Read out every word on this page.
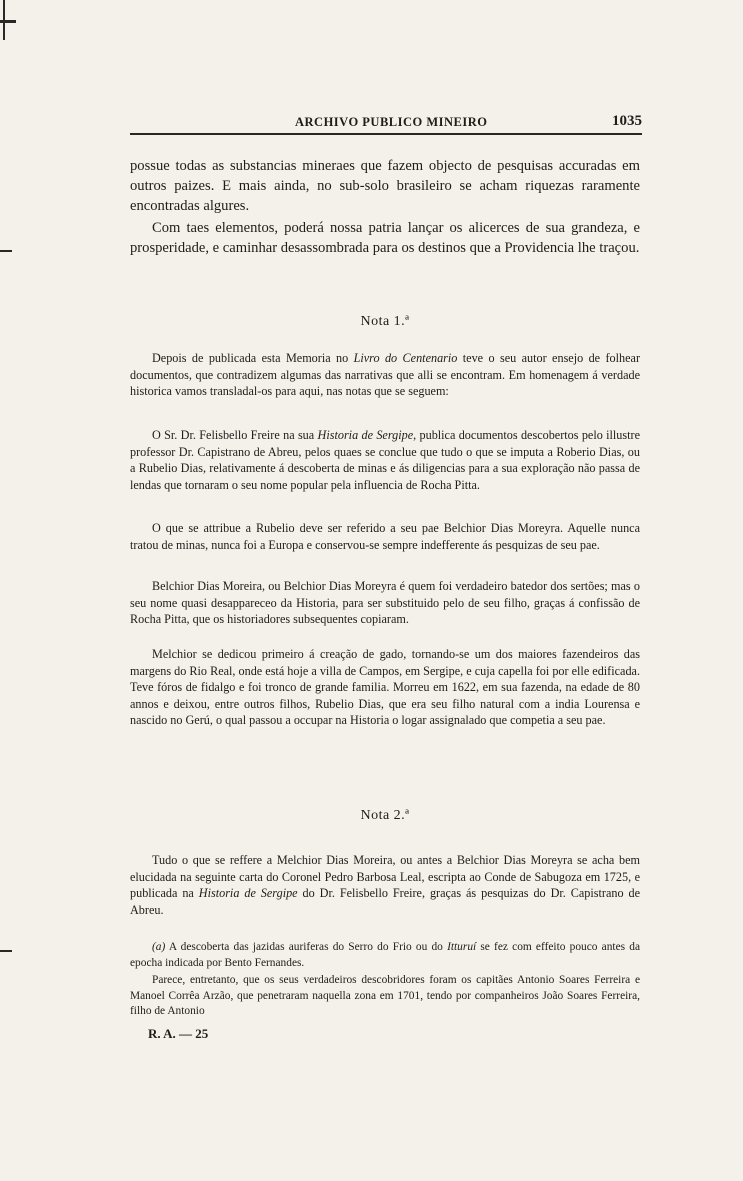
ARCHIVO PUBLICO MINEIRO	1035

possue todas as substancias mineraes que fazem objecto de pesquisas accuradas em outros paizes. E mais ainda, no sub-solo brasileiro se acham riquezas raramente encontradas algures.

Com taes elementos, poderá nossa patria lançar os alicerces de sua grandeza, e prosperidade, e caminhar desassombrada para os destinos que a Providencia lhe traçou.

Nota 1.ª

Depois de publicada esta Memoria no Livro do Centenario teve o seu autor ensejo de folhear documentos, que contradizem algumas das narrativas que alli se encontram. Em homenagem á verdade historica vamos transladal-os para aqui, nas notas que se seguem:

O Sr. Dr. Felisbello Freire na sua Historia de Sergipe, publica documentos descobertos pelo illustre professor Dr. Capistrano de Abreu, pelos quaes se conclue que tudo o que se imputa a Roberio Dias, ou a Rubelio Dias, relativamente á descoberta de minas e ás diligencias para a sua exploração não passa de lendas que tornaram o seu nome popular pela influencia de Rocha Pitta.

O que se attribue a Rubelio deve ser referido a seu pae Belchior Dias Moreyra. Aquelle nunca tratou de minas, nunca foi a Europa e conservou-se sempre indefferente ás pesquizas de seu pae.

Belchior Dias Moreira, ou Belchior Dias Moreyra é quem foi verdadeiro batedor dos sertões; mas o seu nome quasi desappareceo da Historia, para ser substituido pelo de seu filho, graças á confissão de Rocha Pitta, que os historiadores subsequentes copiaram.

Melchior se dedicou primeiro á creação de gado, tornando-se um dos maiores fazendeiros das margens do Rio Real, onde está hoje a villa de Campos, em Sergipe, e cuja capella foi por elle edificada. Teve fóros de fidalgo e foi tronco de grande familia. Morreu em 1622, em sua fazenda, na edade de 80 annos e deixou, entre outros filhos, Rubelio Dias, que era seu filho natural com a india Lourensa e nascido no Gerú, o qual passou a occupar na Historia o logar assignalado que competia a seu pae.

Nota 2.ª

Tudo o que se reffere a Melchior Dias Moreira, ou antes a Belchior Dias Moreyra se acha bem elucidada na seguinte carta do Coronel Pedro Barbosa Leal, escripta ao Conde de Sabugoza em 1725, e publicada na Historia de Sergipe do Dr. Felisbello Freire, graças ás pesquizas do Dr. Capistrano de Abreu.

(a) A descoberta das jazidas auriferas do Serro do Frio ou do Itturuí se fez com effeito pouco antes da epocha indicada por Bento Fernandes.

Parece, entretanto, que os seus verdadeiros descobridores foram os capitães Antonio Soares Ferreira e Manoel Corrêa Arzão, que penetraram naquella zona em 1701, tendo por companheiros João Soares Ferreira, filho de Antonio

R. A. — 25
